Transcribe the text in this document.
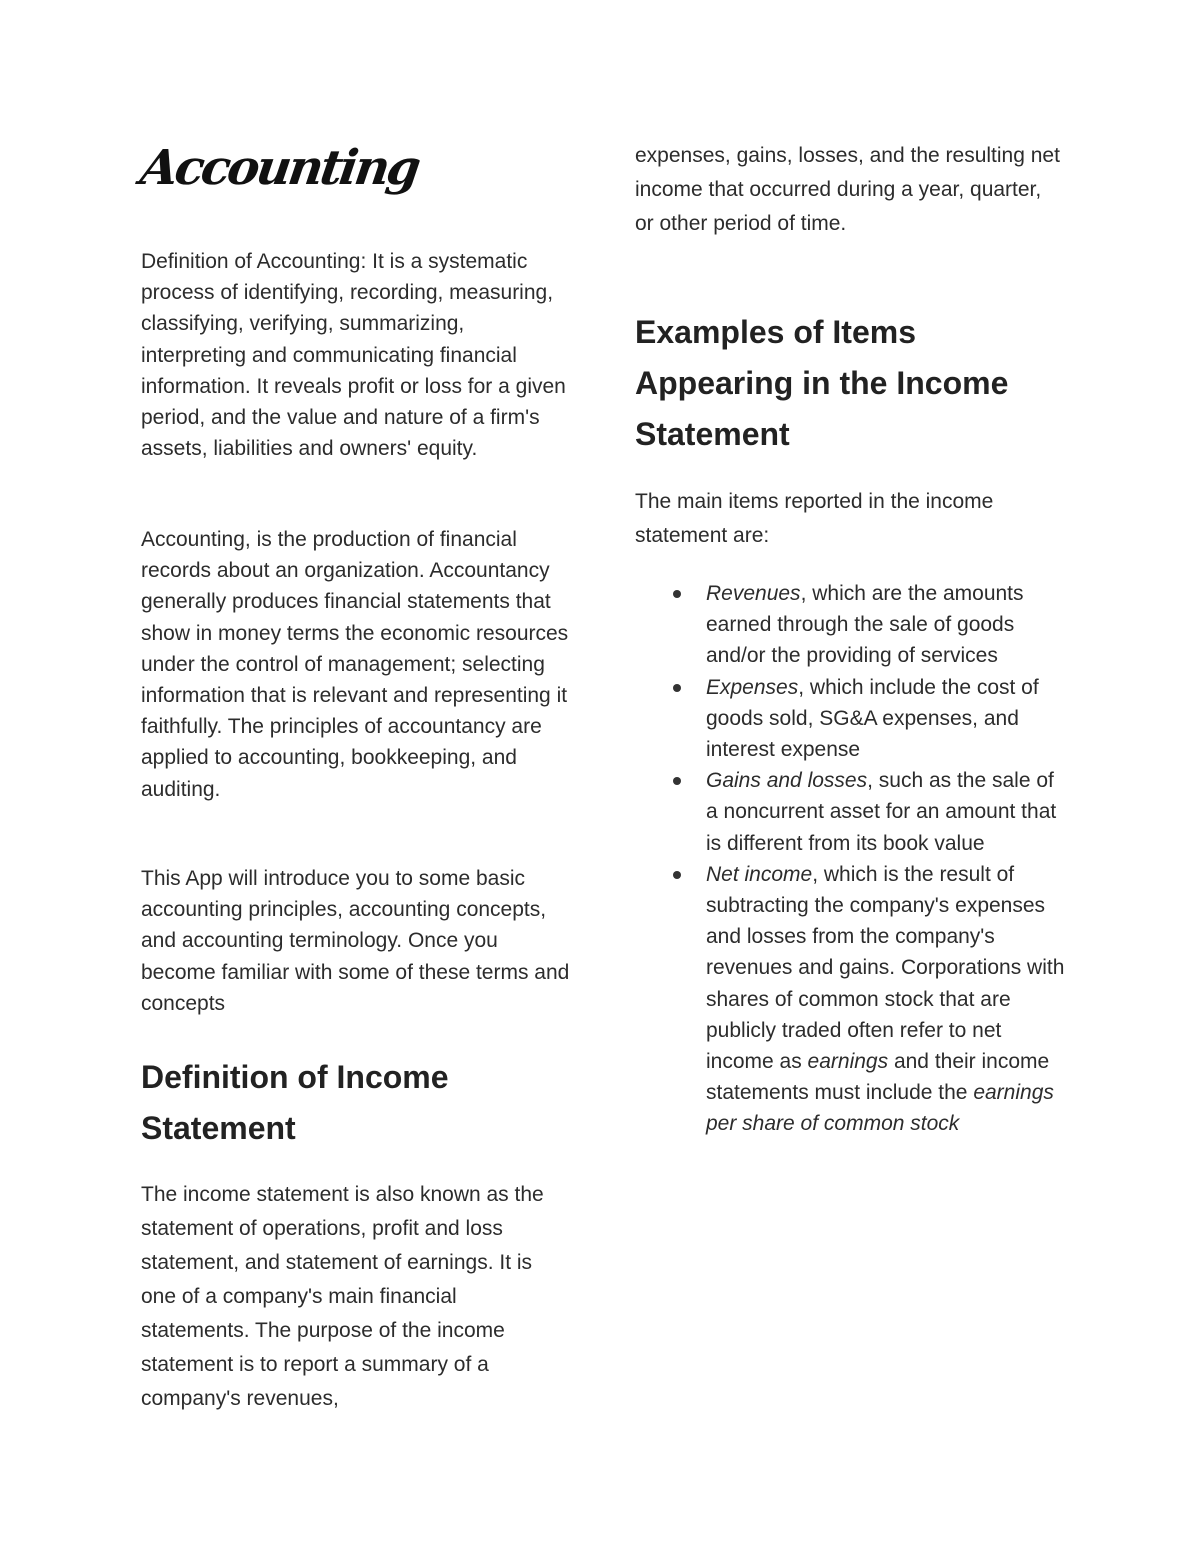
Accounting

Definition of Accounting: It is a systematic process of identifying, recording, measuring, classifying, verifying, summarizing, interpreting and communicating financial information. It reveals profit or loss for a given period, and the value and nature of a firm's assets, liabilities and owners' equity.

Accounting, is the production of financial records about an organization. Accountancy generally produces financial statements that show in money terms the economic resources under the control of management; selecting information that is relevant and representing it faithfully. The principles of accountancy are applied to accounting, bookkeeping, and auditing.

This App will introduce you to some basic accounting principles, accounting concepts, and accounting terminology. Once you become familiar with some of these terms and concepts

Definition of Income Statement

The income statement is also known as the statement of operations, profit and loss statement, and statement of earnings. It is one of a company's main financial statements. The purpose of the income statement is to report a summary of a company's revenues,

expenses, gains, losses, and the resulting net income that occurred during a year, quarter, or other period of time.

Examples of Items Appearing in the Income Statement

The main items reported in the income statement are:

Revenues, which are the amounts earned through the sale of goods and/or the providing of services
Expenses, which include the cost of goods sold, SG&A expenses, and interest expense
Gains and losses, such as the sale of a noncurrent asset for an amount that is different from its book value
Net income, which is the result of subtracting the company's expenses and losses from the company's revenues and gains. Corporations with shares of common stock that are publicly traded often refer to net income as earnings and their income statements must include the earnings per share of common stock
